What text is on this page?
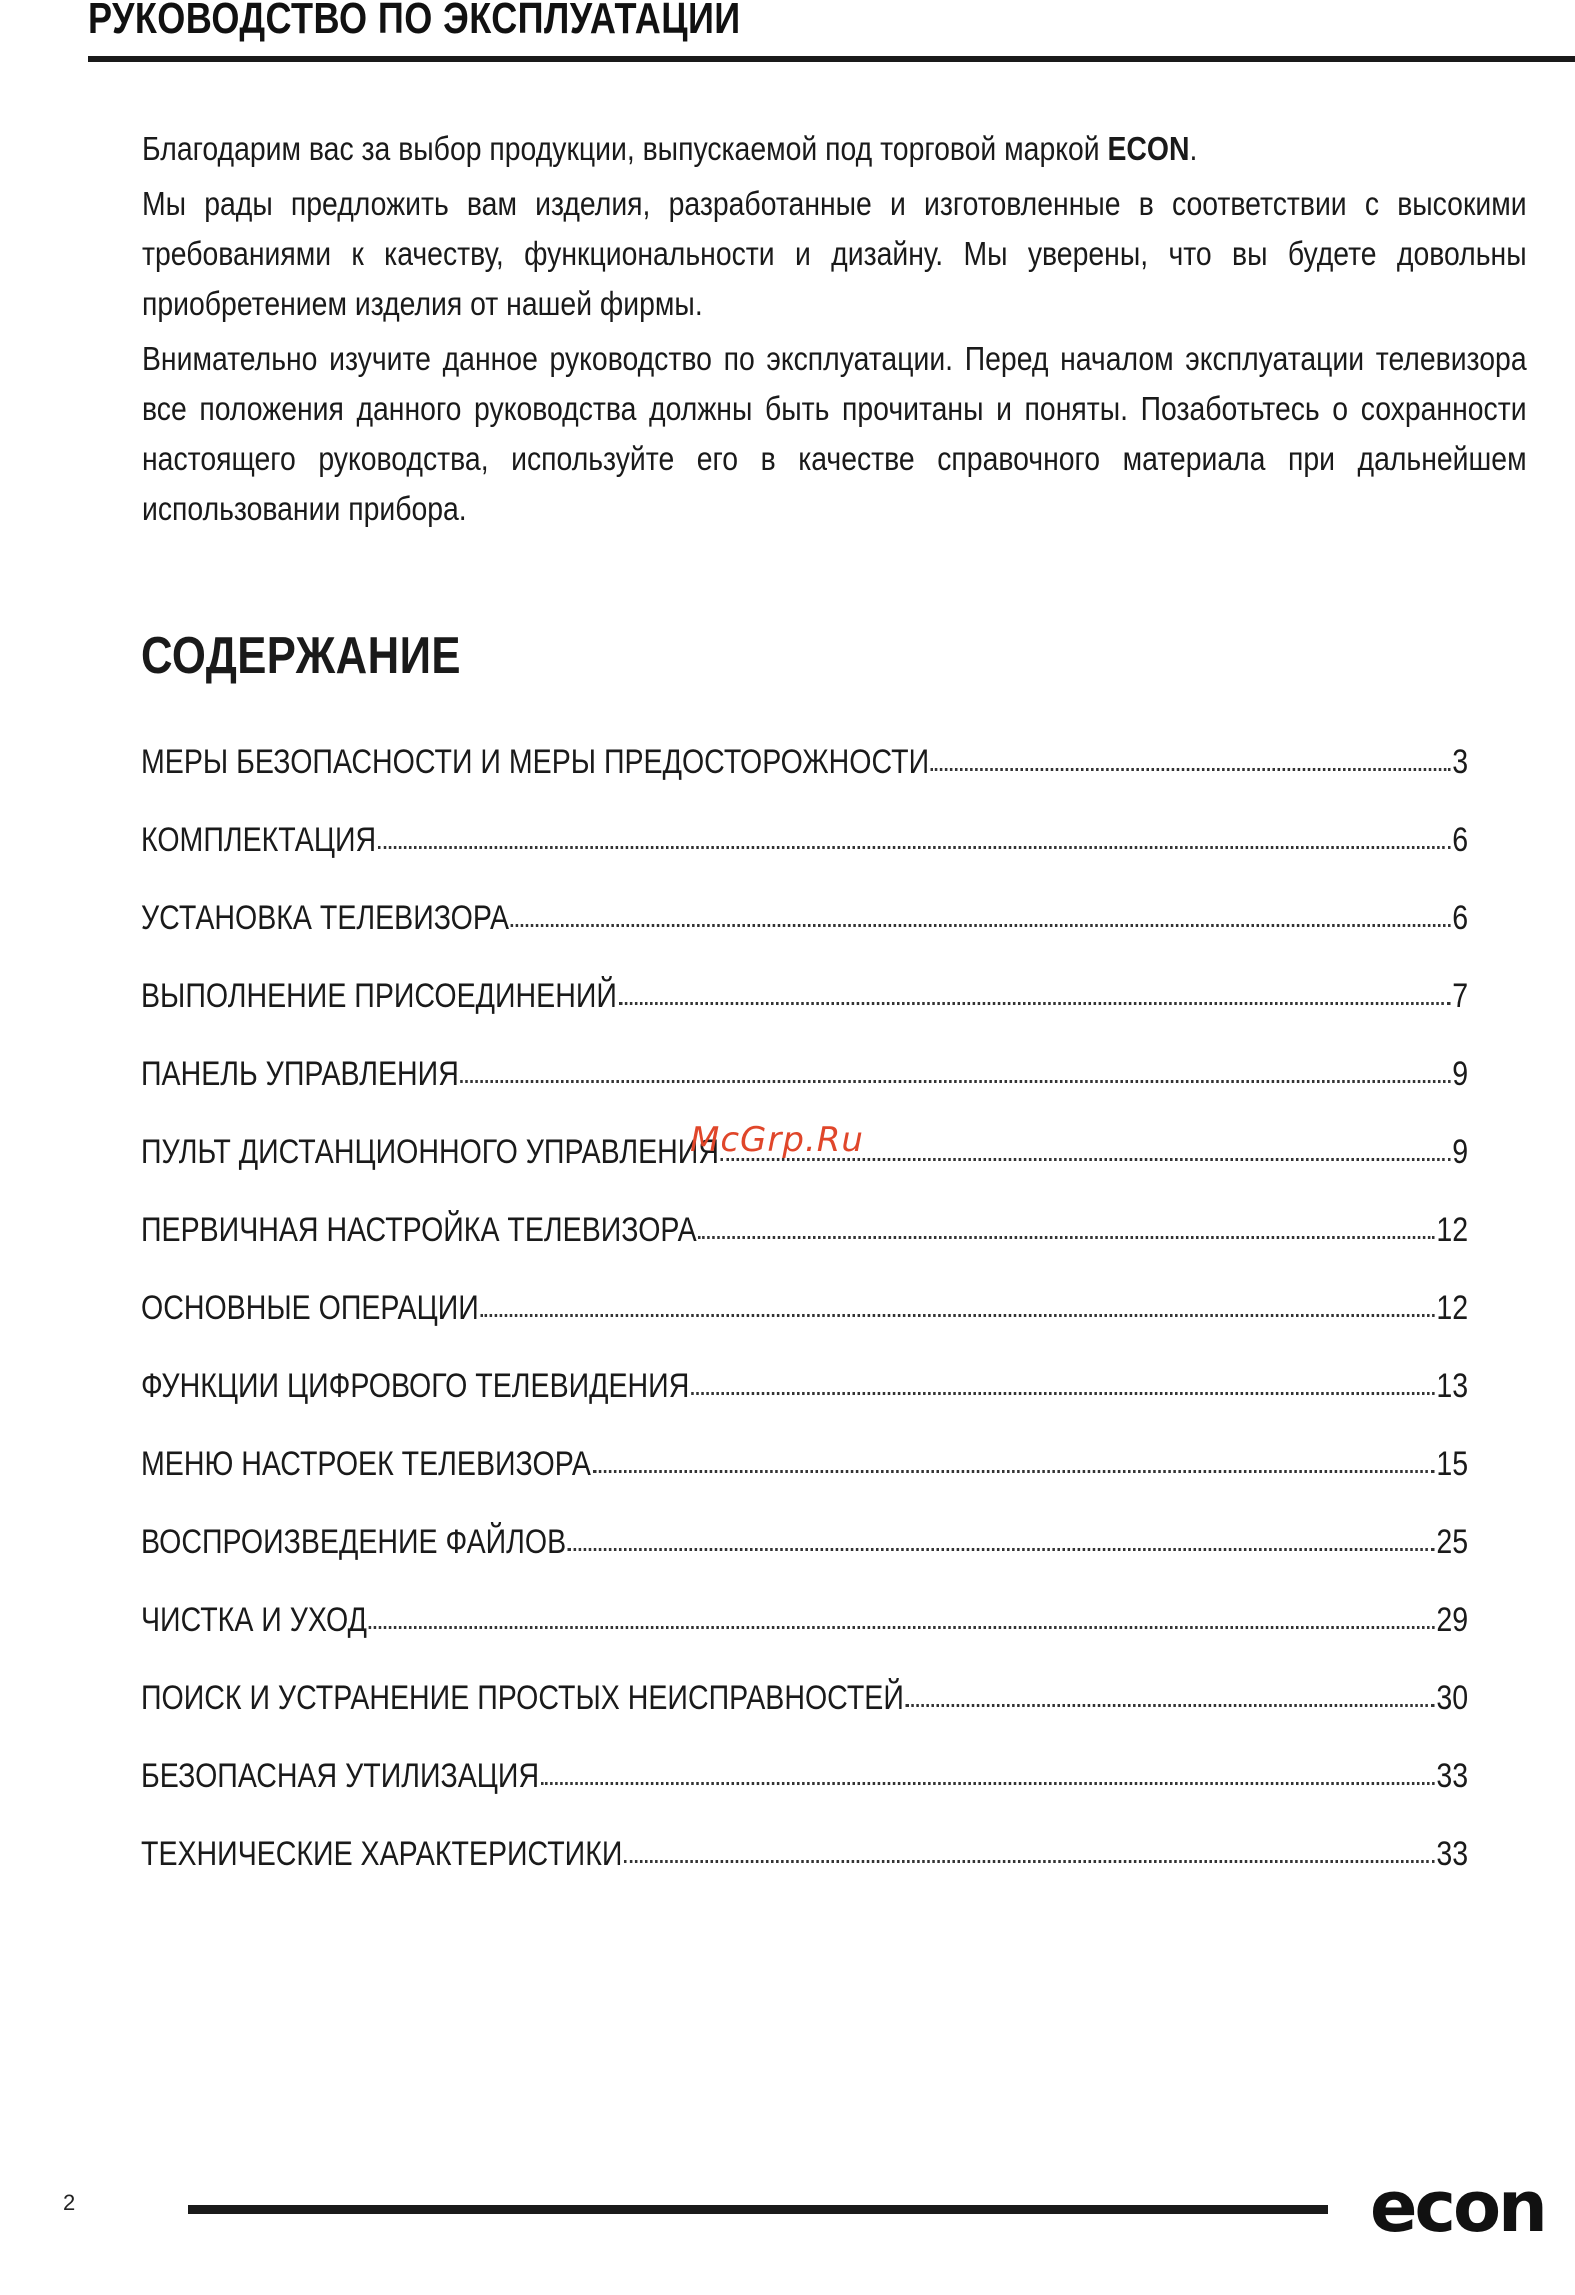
РУКОВОДСТВО ПО ЭКСПЛУАТАЦИИ

Благодарим вас за выбор продукции, выпускаемой под торговой маркой ECON.

Мы рады предложить вам изделия, разработанные и изготовленные в соответствии с высокими требованиями к качеству, функциональности и дизайну. Мы уверены, что вы будете довольны приобретением изделия от нашей фирмы.

Внимательно изучите данное руководство по эксплуатации. Перед началом эксплуатации телевизора все положения данного руководства должны быть прочитаны и поняты. Позаботьтесь о сохранности настоящего руководства, используйте его в качестве справочного материала при дальнейшем использовании прибора.

СОДЕРЖАНИЕ
МЕРЫ БЕЗОПАСНОСТИ И МЕРЫ ПРЕДОСТОРОЖНОСТИ	3
КОМПЛЕКТАЦИЯ	6
УСТАНОВКА ТЕЛЕВИЗОРА	6
ВЫПОЛНЕНИЕ ПРИСОЕДИНЕНИЙ	7
ПАНЕЛЬ УПРАВЛЕНИЯ	9
ПУЛЬТ ДИСТАНЦИОННОГО УПРАВЛЕНИЯ	9
ПЕРВИЧНАЯ НАСТРОЙКА ТЕЛЕВИЗОРА	12
ОСНОВНЫЕ ОПЕРАЦИИ	12
ФУНКЦИИ ЦИФРОВОГО ТЕЛЕВИДЕНИЯ	13
МЕНЮ НАСТРОЕК ТЕЛЕВИЗОРА	15
ВОСПРОИЗВЕДЕНИЕ ФАЙЛОВ	25
ЧИСТКА И УХОД	29
ПОИСК И УСТРАНЕНИЕ ПРОСТЫХ НЕИСПРАВНОСТЕЙ	30
БЕЗОПАСНАЯ УТИЛИЗАЦИЯ	33
ТЕХНИЧЕСКИЕ ХАРАКТЕРИСТИКИ	33
McGrp.Ru
2	econ
